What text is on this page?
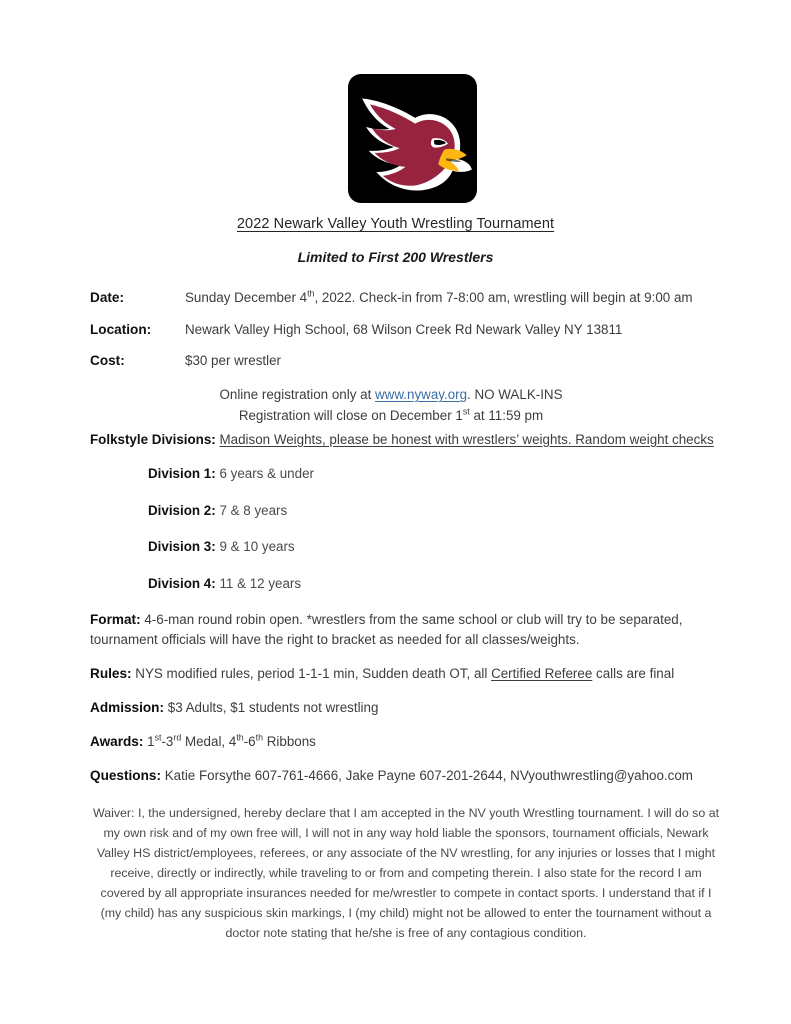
2022 Newark Valley Youth Wrestling Tournament
Limited to First 200 Wrestlers
Date:	Sunday December 4th, 2022. Check-in from 7-8:00 am, wrestling will begin at 9:00 am
Location:	Newark Valley High School, 68 Wilson Creek Rd Newark Valley NY 13811
Cost:	$30 per wrestler

Online registration only at www.nyway.org. NO WALK-INS

Registration will close on December 1st at 11:59 pm

Folkstyle Divisions: Madison Weights, please be honest with wrestlers’ weights. Random weight checks
Division 1: 6 years & under
Division 2: 7 & 8 years
Division 3: 9 & 10 years
Division 4: 11 & 12 years
Format: 4-6-man round robin open. *wrestlers from the same school or club will try to be separated, tournament officials will have the right to bracket as needed for all classes/weights.
Rules: NYS modified rules, period 1-1-1 min, Sudden death OT, all Certified Referee calls are final
Admission: $3 Adults, $1 students not wrestling
Awards: 1st-3rd Medal, 4th-6th Ribbons
Questions: Katie Forsythe 607-761-4666, Jake Payne 607-201-2644, NVyouthwrestling@yahoo.com
Waiver: I, the undersigned, hereby declare that I am accepted in the NV youth Wrestling tournament. I will do so at my own risk and of my own free will, I will not in any way hold liable the sponsors, tournament officials, Newark Valley HS district/employees, referees, or any associate of the NV wrestling, for any injuries or losses that I might receive, directly or indirectly, while traveling to or from and competing therein. I also state for the record I am covered by all appropriate insurances needed for me/wrestler to compete in contact sports. I understand that if I (my child) has any suspicious skin markings, I (my child) might not be allowed to enter the tournament without a doctor note stating that he/she is free of any contagious condition.
